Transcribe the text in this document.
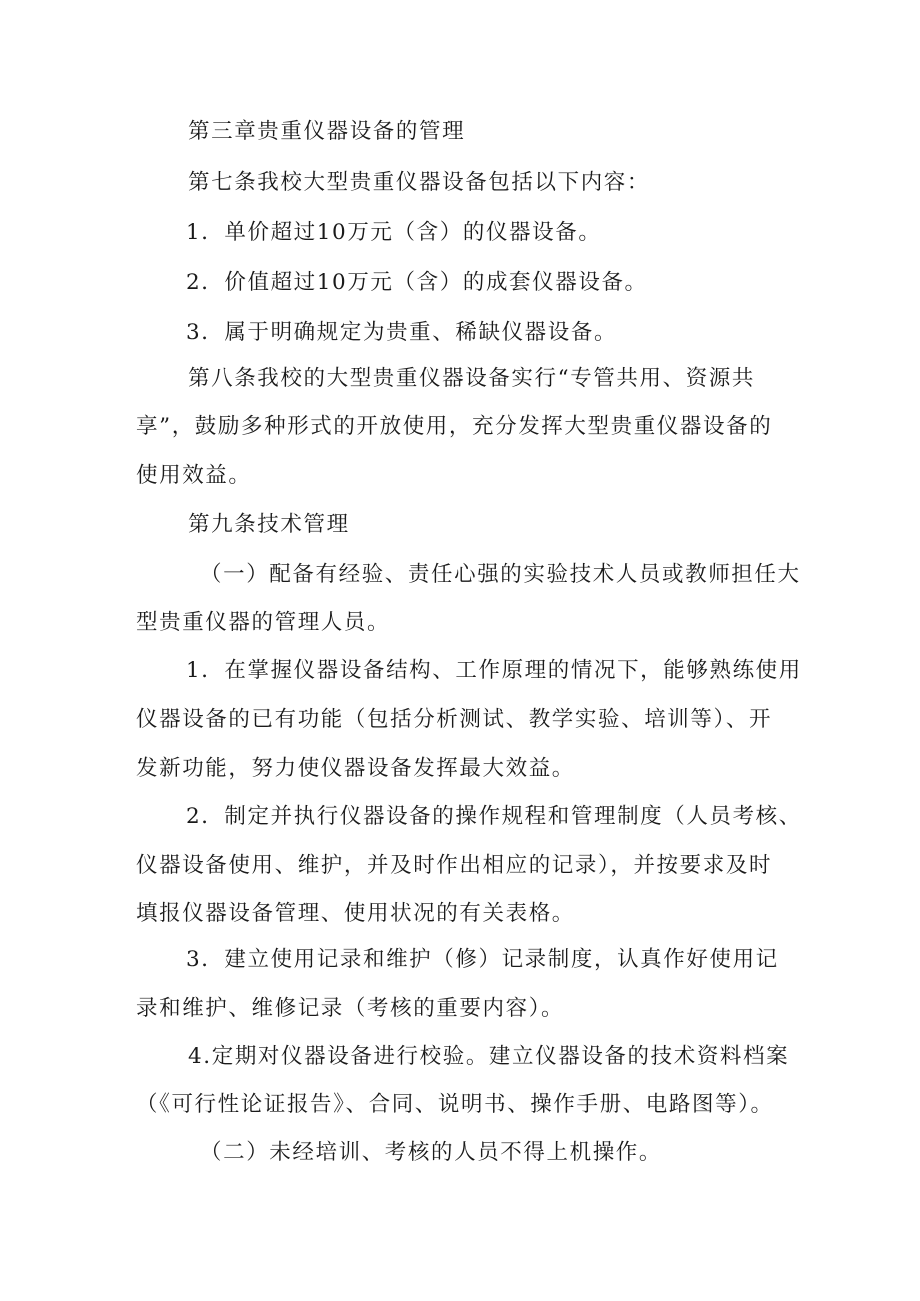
第三章贵重仪器设备的管理

第七条我校大型贵重仪器设备包括以下内容：

1．单价超过10万元（含）的仪器设备。

2．价值超过10万元（含）的成套仪器设备。

3．属于明确规定为贵重、稀缺仪器设备。

第八条我校的大型贵重仪器设备实行“专管共用、资源共

享”，鼓励多种形式的开放使用，充分发挥大型贵重仪器设备的

使用效益。

第九条技术管理

（一）配备有经验、责任心强的实验技术人员或教师担任大

型贵重仪器的管理人员。

1．在掌握仪器设备结构、工作原理的情况下，能够熟练使用

仪器设备的已有功能（包括分析测试、教学实验、培训等）、开

发新功能，努力使仪器设备发挥最大效益。

2．制定并执行仪器设备的操作规程和管理制度（人员考核、

仪器设备使用、维护，并及时作出相应的记录），并按要求及时

填报仪器设备管理、使用状况的有关表格。

3．建立使用记录和维护（修）记录制度，认真作好使用记

录和维护、维修记录（考核的重要内容）。

4.定期对仪器设备进行校验。建立仪器设备的技术资料档案

（《可行性论证报告》、合同、说明书、操作手册、电路图等）。

（二）未经培训、考核的人员不得上机操作。
